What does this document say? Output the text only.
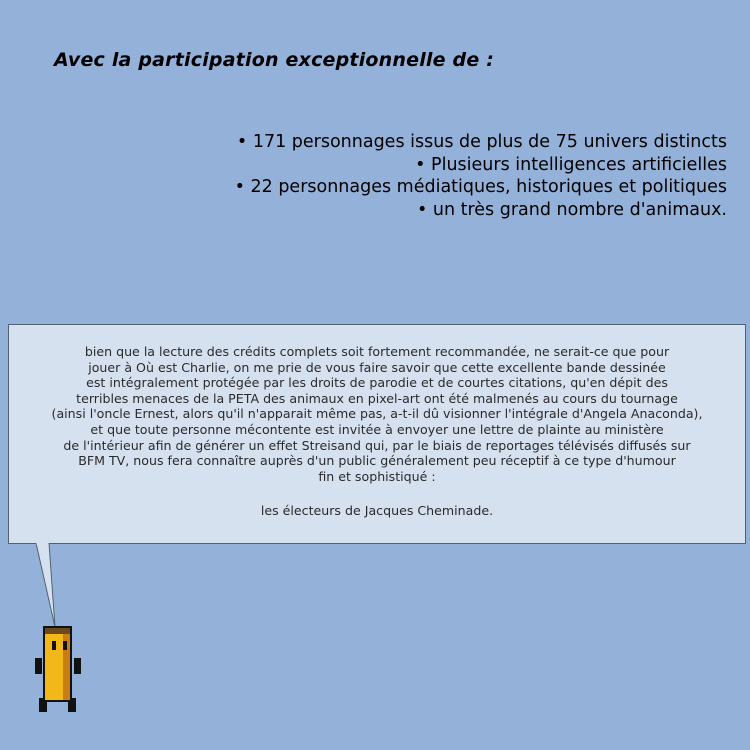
Avec la participation exceptionnelle de :
• 171 personnages issus de plus de 75 univers distincts
• Plusieurs intelligences artificielles
• 22 personnages médiatiques, historiques et politiques
• un très grand nombre d'animaux.
bien que la lecture des crédits complets soit fortement recommandée, ne serait-ce que pour
jouer à Où est Charlie, on me prie de vous faire savoir que cette excellente bande dessinée
est intégralement protégée par les droits de parodie et de courtes citations, qu'en dépit des
terribles menaces de la PETA des animaux en pixel-art ont été malmenés au cours du tournage
(ainsi l'oncle Ernest, alors qu'il n'apparait même pas, a-t-il dû visionner l'intégrale d'Angela Anaconda),
et que toute personne mécontente est invitée à envoyer une lettre de plainte au ministère
de l'intérieur afin de générer un effet Streisand qui, par le biais de reportages télévisés diffusés sur
BFM TV, nous fera connaître auprès d'un public généralement peu réceptif à ce type d'humour
fin et sophistiqué :
les électeurs de Jacques Cheminade.
